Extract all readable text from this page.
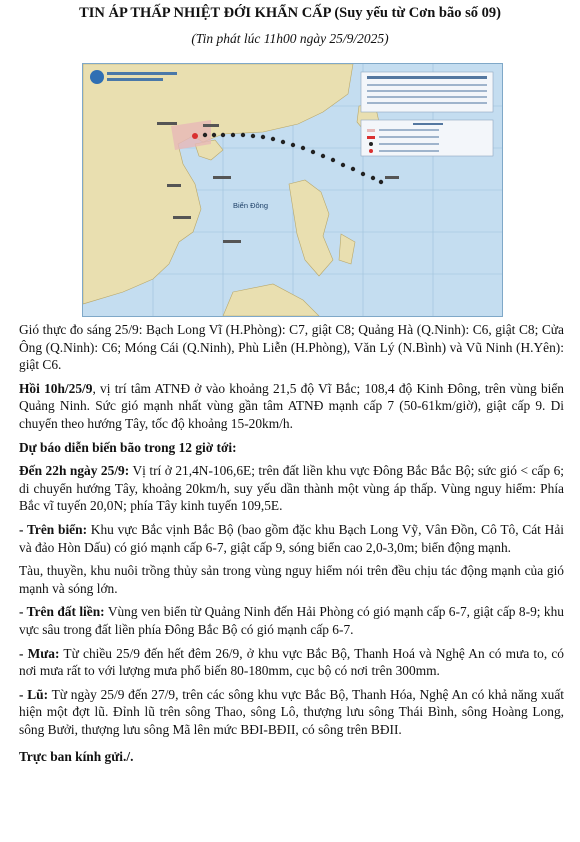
TIN ÁP THẤP NHIỆT ĐỚI KHẨN CẤP (Suy yếu từ Cơn bão số 09)
(Tin phát lúc 11h00 ngày 25/9/2025)
Biển Đông

Gió thực đo sáng 25/9: Bạch Long Vĩ (H.Phòng): C7, giật C8; Quảng Hà (Q.Ninh): C6, giật C8; Cửa Ông (Q.Ninh): C6; Móng Cái (Q.Ninh), Phù Liễn (H.Phòng), Văn Lý (N.Bình) và Vũ Ninh (H.Yên): giật C6.

Hồi 10h/25/9, vị trí tâm ATNĐ ở vào khoảng 21,5 độ Vĩ Bắc; 108,4 độ Kinh Đông, trên vùng biển Quảng Ninh. Sức gió mạnh nhất vùng gần tâm ATNĐ mạnh cấp 7 (50-61km/giờ), giật cấp 9. Di chuyển theo hướng Tây, tốc độ khoảng 15-20km/h.

Dự báo diễn biến bão trong 12 giờ tới:

Đến 22h ngày 25/9: Vị trí ở 21,4N-106,6E; trên đất liền khu vực Đông Bắc Bắc Bộ; sức gió < cấp 6; di chuyển hướng Tây, khoảng 20km/h, suy yếu dần thành một vùng áp thấp. Vùng nguy hiểm: Phía Bắc vĩ tuyến 20,0N; phía Tây kinh tuyến 109,5E.

- Trên biển: Khu vực Bắc vịnh Bắc Bộ (bao gồm đặc khu Bạch Long Vỹ, Vân Đồn, Cô Tô, Cát Hải và đảo Hòn Dấu) có gió mạnh cấp 6-7, giật cấp 9, sóng biển cao 2,0-3,0m; biển động mạnh.

Tàu, thuyền, khu nuôi trồng thủy sản trong vùng nguy hiểm nói trên đều chịu tác động mạnh của gió mạnh và sóng lớn.

- Trên đất liền: Vùng ven biển từ Quảng Ninh đến Hải Phòng có gió mạnh cấp 6-7, giật cấp 8-9; khu vực sâu trong đất liền phía Đông Bắc Bộ có gió mạnh cấp 6-7.

- Mưa: Từ chiều 25/9 đến hết đêm 26/9, ở khu vực Bắc Bộ, Thanh Hoá và Nghệ An có mưa to, có nơi mưa rất to với lượng mưa phổ biến 80-180mm, cục bộ có nơi trên 300mm.

- Lũ: Từ ngày 25/9 đến 27/9, trên các sông khu vực Bắc Bộ, Thanh Hóa, Nghệ An có khả năng xuất hiện một đợt lũ. Đỉnh lũ trên sông Thao, sông Lô, thượng lưu sông Thái Bình, sông Hoàng Long, sông Bưởi, thượng lưu sông Mã lên mức BĐI-BĐII, có sông trên BĐII.

Trực ban kính gửi./.
